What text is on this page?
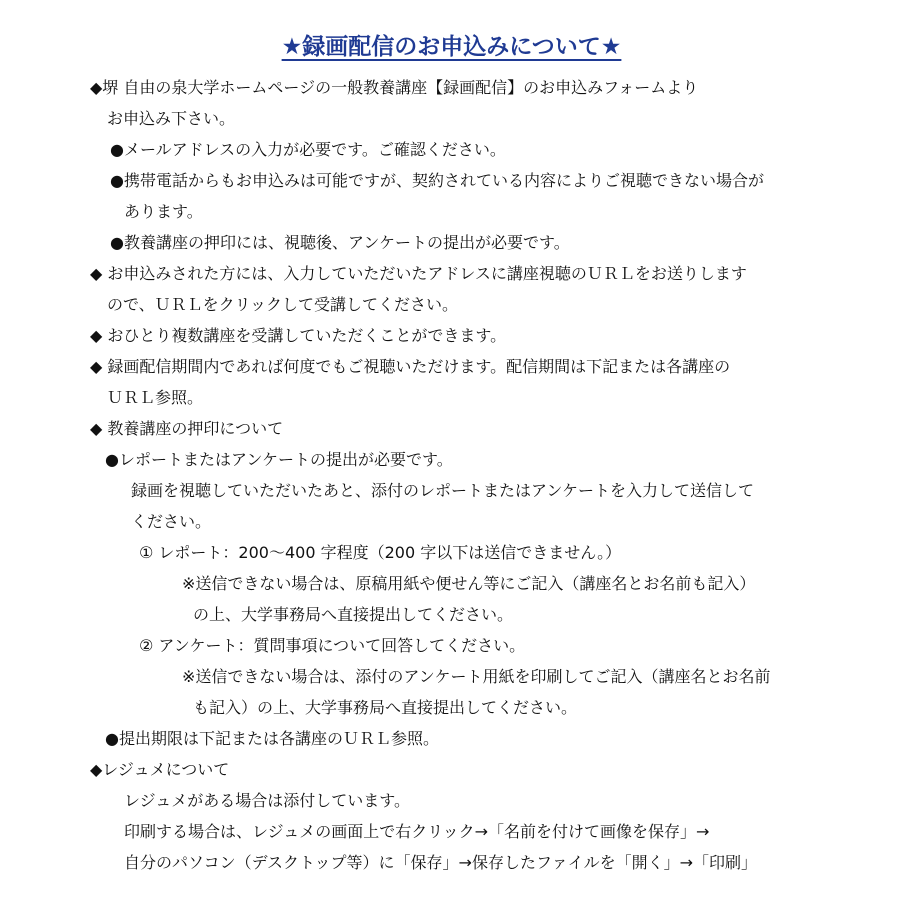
★録画配信のお申込みについて★
◆堺 自由の泉大学ホームページの一般教養講座【録画配信】のお申込みフォームより
お申込み下さい。
●メールアドレスの入力が必要です。ご確認ください。
●携帯電話からもお申込みは可能ですが、契約されている内容によりご視聴できない場合が
あります。
●教養講座の押印には、視聴後、アンケートの提出が必要です。
◆ お申込みされた方には、入力していただいたアドレスに講座視聴のＵＲＬをお送りします
ので、ＵＲＬをクリックして受講してください。
◆ おひとり複数講座を受講していただくことができます。
◆ 録画配信期間内であれば何度でもご視聴いただけます。配信期間は下記または各講座の
ＵＲＬ参照。
◆ 教養講座の押印について
●レポートまたはアンケートの提出が必要です。
録画を視聴していただいたあと、添付のレポートまたはアンケートを入力して送信して
ください。
① レポート：200～400 字程度（200 字以下は送信できません。）
※送信できない場合は、原稿用紙や便せん等にご記入（講座名とお名前も記入）
の上、大学事務局へ直接提出してください。
② アンケート：質問事項について回答してください。
※送信できない場合は、添付のアンケート用紙を印刷してご記入（講座名とお名前
も記入）の上、大学事務局へ直接提出してください。
●提出期限は下記または各講座のＵＲＬ参照。
◆レジュメについて
レジュメがある場合は添付しています。
印刷する場合は、レジュメの画面上で右クリック→「名前を付けて画像を保存」→
自分のパソコン（デスクトップ等）に「保存」→保存したファイルを「開く」→「印刷」
